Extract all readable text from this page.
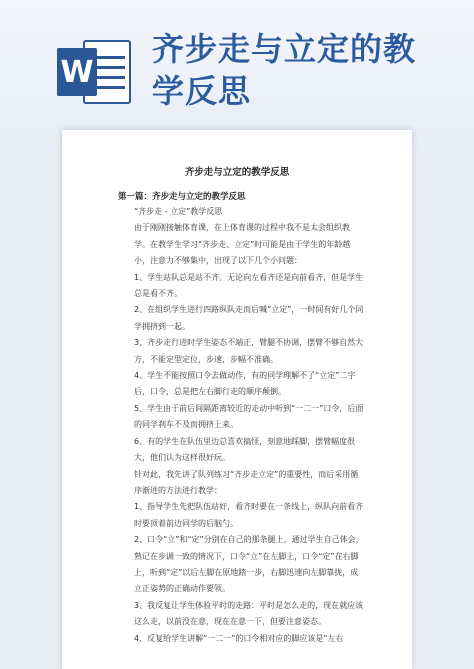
W
齐步走与立定的教
学反思
齐步走与立定的教学反思
第一篇：齐步走与立定的教学反思

“齐步走 - 立定”教学反思

由于刚刚接触体育课，在上体育课的过程中我不是太会组织教学。在教学生学习“齐步走、立定”时可能是由于学生的年龄越小，注意力不够集中，出现了以下几个小问题：

1、学生站队总是站不齐。无论向左看齐还是向前看齐，但是学生总是看不齐。

2、在组织学生进行四路纵队走而后喊“立定”，一时间有好几个同学拥挤到一起。

3、齐步走行进时学生姿态不端正，臂腿不协调，摆臂不够自然大方，不能定型定位，步速，步幅不准确。

4、学生不能按照口令去做动作，有的同学理解不了“立定”二字后，口令，总是把左右脚行走的顺序颠倒。

5、学生由于前后间隔距离较近的走动中听到“一二一”口令，后面的同学刹车不及而拥挤上来。

6、有的学生在队伍里边总喜欢搞怪，刻意地踩脚，摆臂幅度很大，他们认为这样很好玩。

针对此，我先讲了队列练习“齐步走立定”的重要性，而后采用循序渐进的方法进行教学：

1、指导学生先把队伍站好，看齐时要在一条线上，纵队向前看齐时要顶着前边同学的后脑勺。

2、口令“立”和“定”分别在自己的那条腿上，通过学生自己体会，熟记在步调一致的情况下，口令“立”在左脚上，口令“定”在右脚上，听到“定”以后左脚在原地踏一步，右脚迅速向左脚靠拢，成立正姿势的正确动作要领。

3、我反复让学生体验平时的走路：平时是怎么走的，现在就应该这么走，以前没在意，现在在意一下，但要注意姿态。

4、反复给学生讲解“一二一”的口令相对应的脚应该是“左右
